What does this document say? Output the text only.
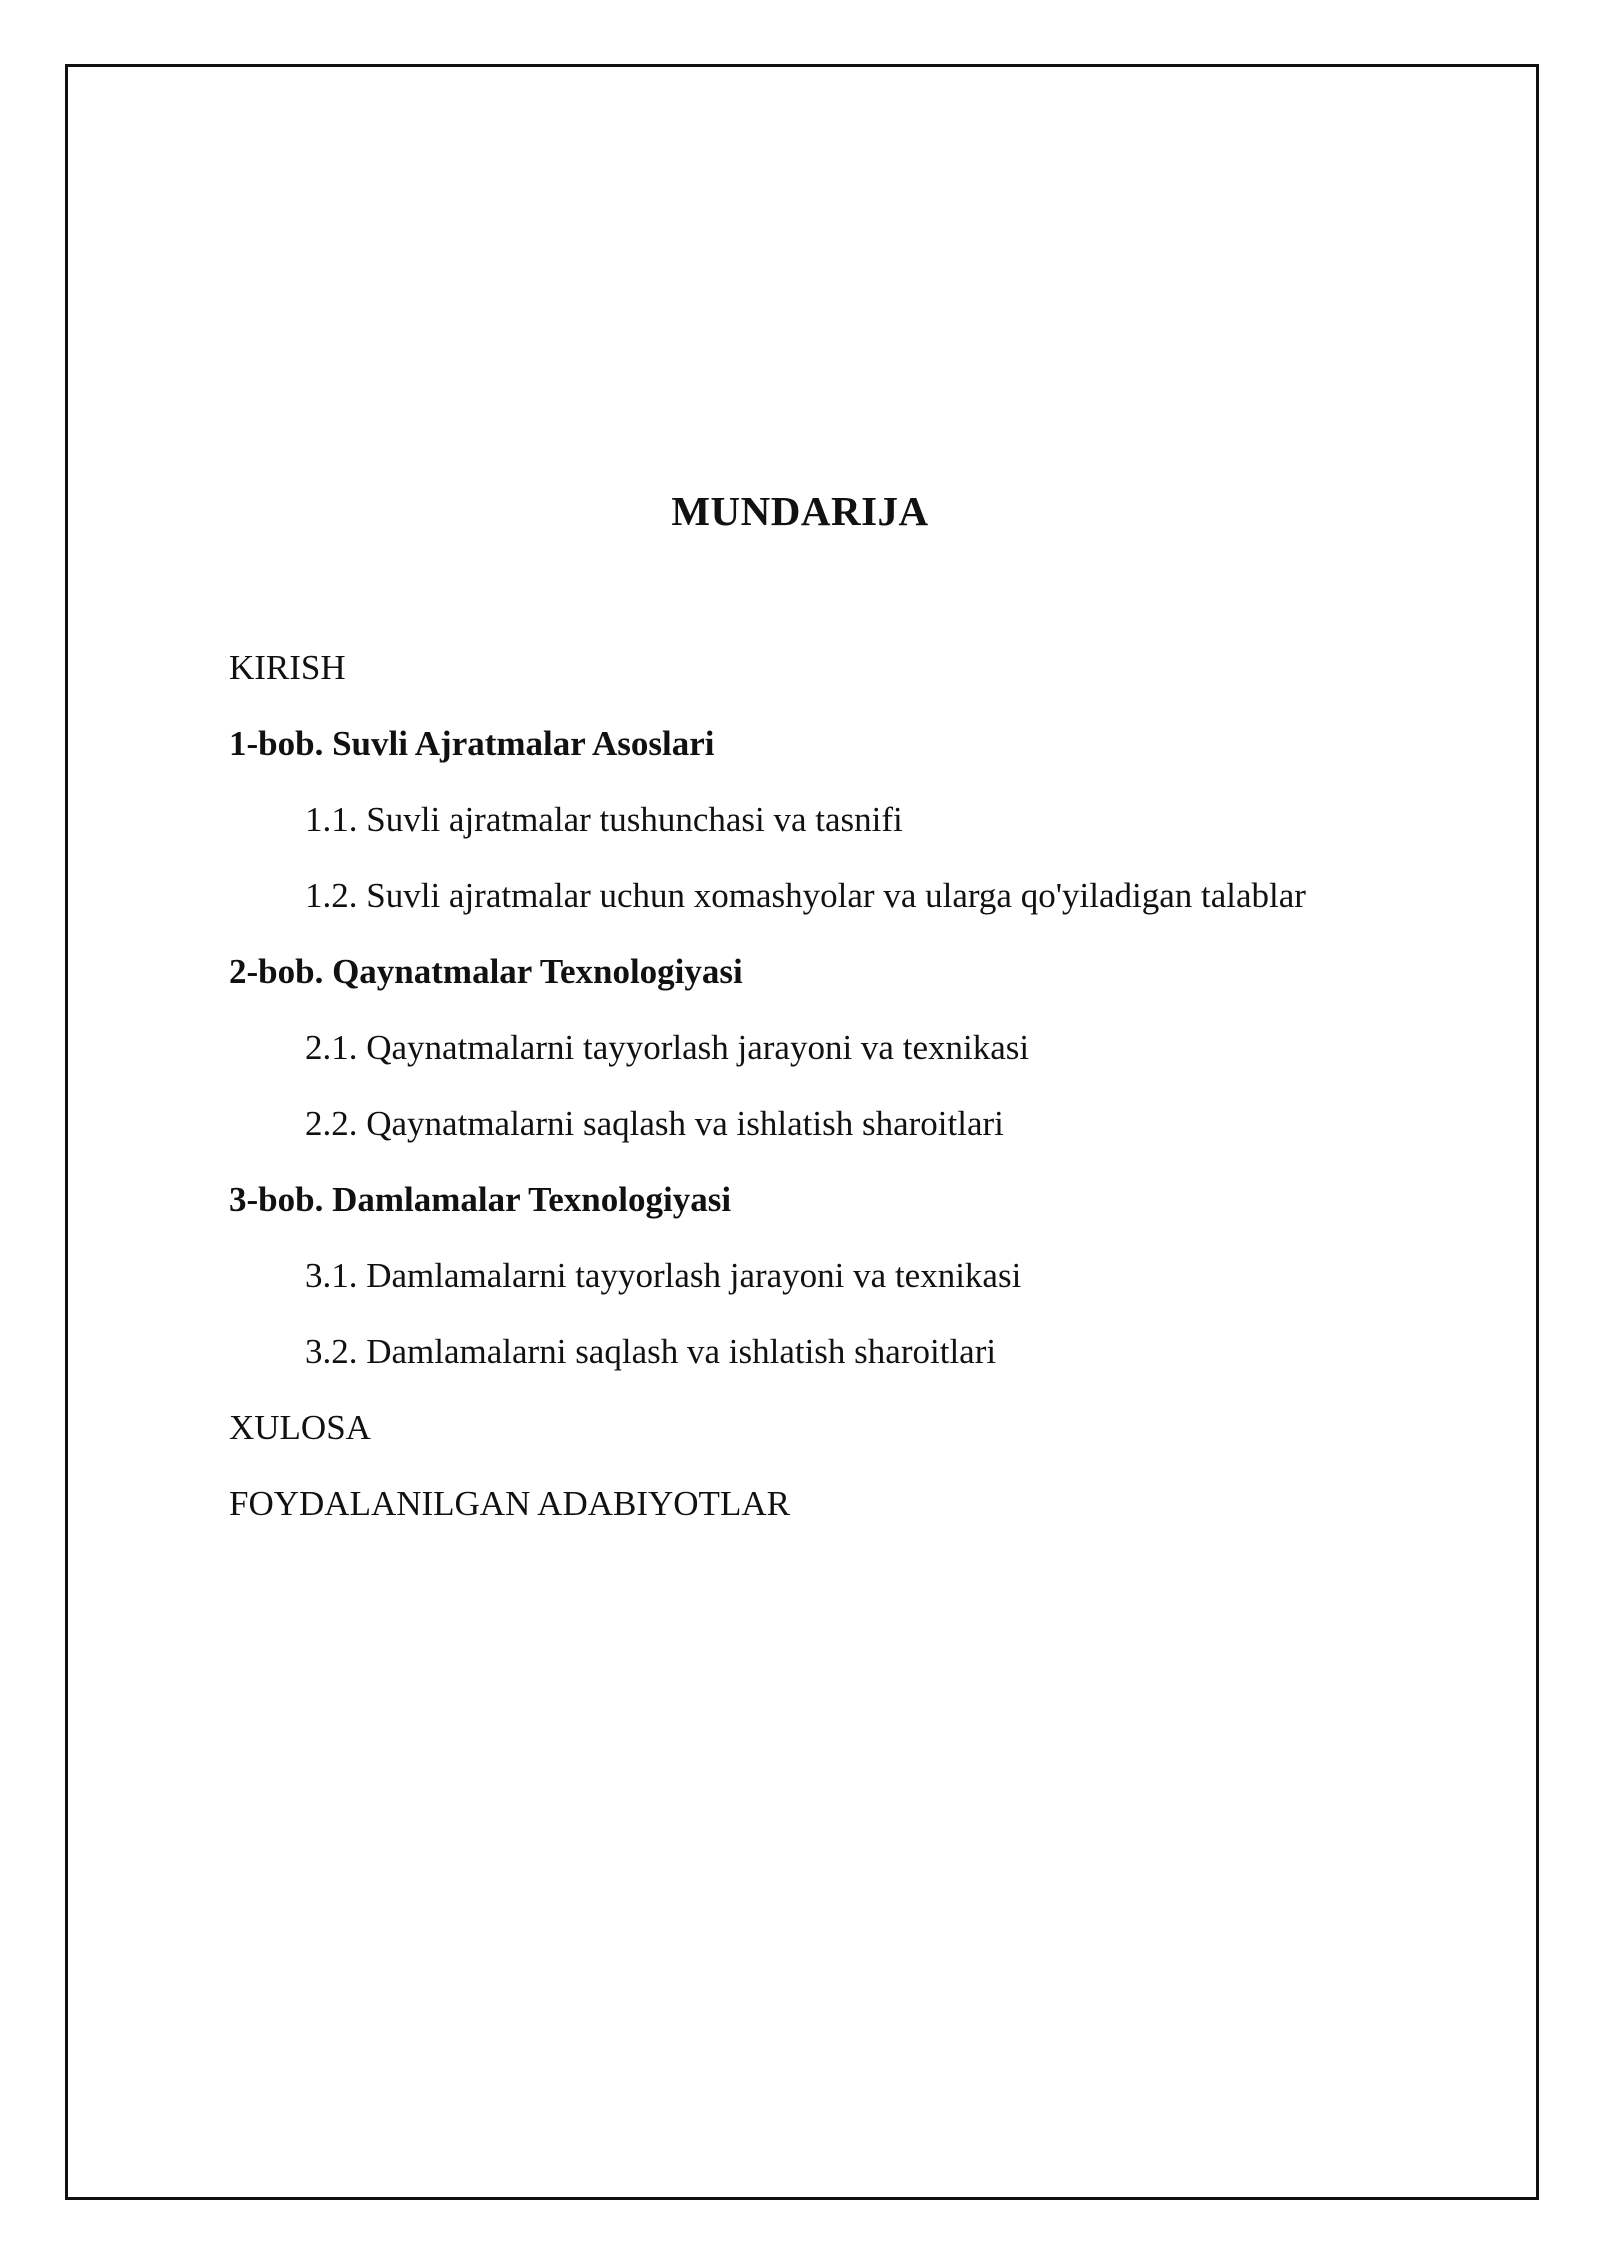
MUNDARIJA
KIRISH
1-bob. Suvli Ajratmalar Asoslari
1.1. Suvli ajratmalar tushunchasi va tasnifi
1.2. Suvli ajratmalar uchun xomashyolar va ularga qo'yiladigan talablar
2-bob. Qaynatmalar Texnologiyasi
2.1. Qaynatmalarni tayyorlash jarayoni va texnikasi
2.2. Qaynatmalarni saqlash va ishlatish sharoitlari
3-bob. Damlamalar Texnologiyasi
3.1. Damlamalarni tayyorlash jarayoni va texnikasi
3.2. Damlamalarni saqlash va ishlatish sharoitlari
XULOSA
FOYDALANILGAN ADABIYOTLAR
